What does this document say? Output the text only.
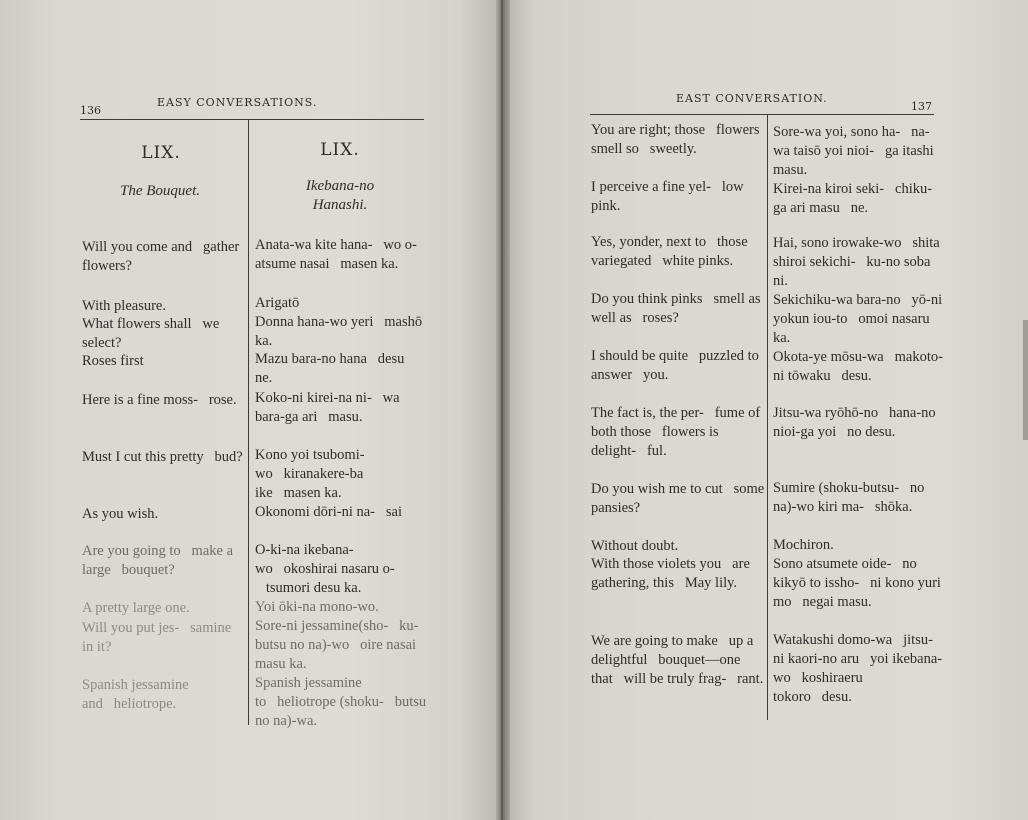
136
EASY CONVERSATIONS.
LIX.	LIX.
The Bouquet.	Ikebana-no
Hanashi.
Will you come and   gather flowers?
With pleasure.
What flowers shall   we select?
Roses first
Here is a fine moss-   rose.
Must I cut this pretty   bud?
As you wish.
Are you going to   make a large   bouquet?
A pretty large one.
Will you put jes-   samine in it?
Spanish jessamine and   heliotrope.
Anata-wa kite hana-   wo o-atsume nasai   masen ka.
Arigatō
Donna hana-wo yeri   mashō ka.
Mazu bara-no hana   desu ne.
Koko-ni kirei-na ni-   wa bara-ga ari   masu.
Kono yoi tsubomi-wo   kiranakere-ba ike   masen ka.
Okonomi dōri-ni na-   sai
O-ki-na ikebana-wo   okoshirai nasaru o-   tsumori desu ka.
Yoi ōki-na mono-wo.
Sore-ni jessamine(sho-   ku-butsu no na)-wo   oire nasai masu ka.
Spanish jessamine to   heliotrope (shoku-   butsu no na)-wa.
EAST CONVERSATION.
137
You are right; those   flowers smell so   sweetly.
I perceive a fine yel-   low pink.
Yes, yonder, next to   those variegated   white pinks.
Do you think pinks   smell as well as   roses?
I should be quite   puzzled to answer   you.
The fact is, the per-   fume of both those   flowers is delight-   ful.
Do you wish me to cut   some pansies?
Without doubt.
With those violets you   are gathering, this   May lily.
We are going to make   up a delightful   bouquet—one that   will be truly frag-   rant.
Sore-wa yoi, sono ha-   na-wa taisō yoi nioi-   ga itashi masu.
Kirei-na kiroi seki-   chiku-ga ari masu   ne.
Hai, sono irowake-wo   shita shiroi sekichi-   ku-no soba ni.
Sekichiku-wa bara-no   yō-ni yokun iou-to   omoi nasaru ka.
Okota-ye mōsu-wa   makoto-ni tōwaku   desu.
Jitsu-wa ryōhō-no   hana-no nioi-ga yoi   no desu.
Sumire (shoku-butsu-   no na)-wo kiri ma-   shōka.
Mochiron.
Sono atsumete oide-   no kikyō to issho-   ni kono yuri mo   negai masu.
Watakushi domo-wa   jitsu-ni kaori-no aru   yoi ikebana-wo   koshiraeru tokoro   desu.
